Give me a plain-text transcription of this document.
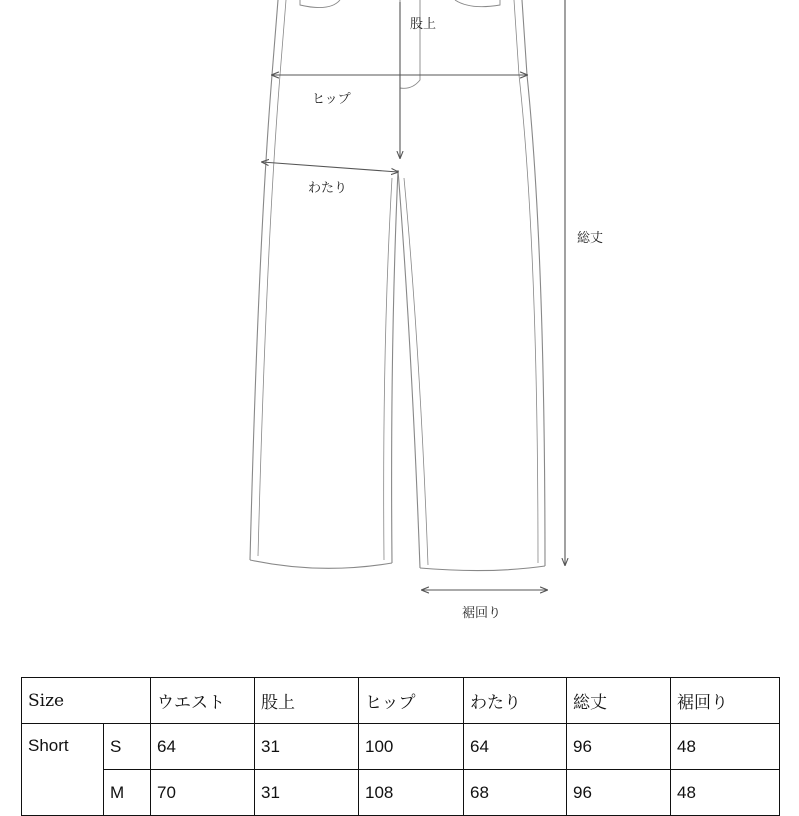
股上
ヒップ
わたり
総丈
裾回り
Size		ウエスト	股上	ヒップ	わたり	総丈	裾回り
Short	S	64	31	100	64	96	48
	M	70	31	108	68	96	48
